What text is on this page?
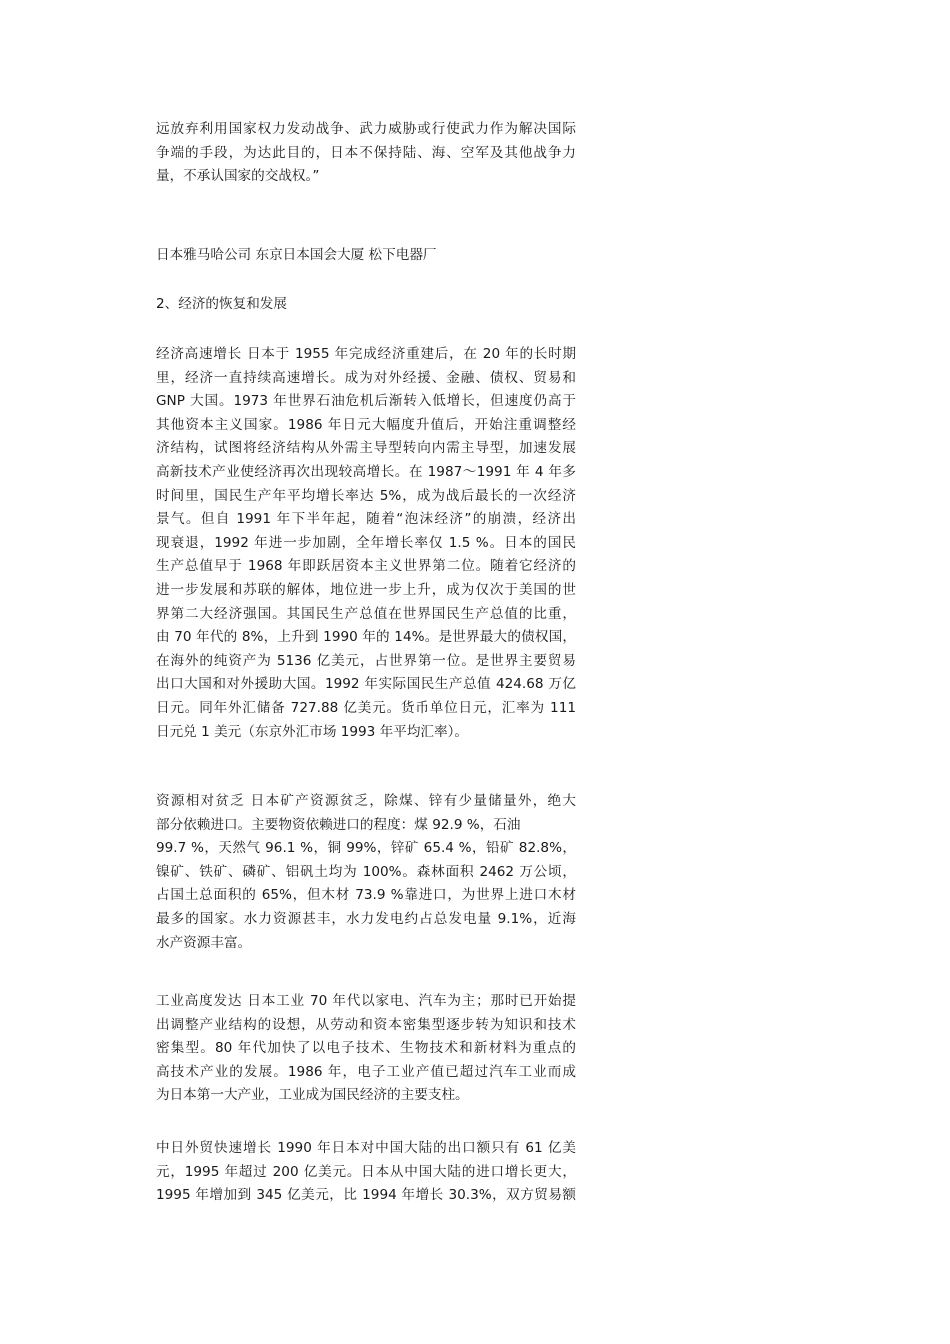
远放弃利用国家权力发动战争、武力威胁或行使武力作为解决国际
争端的手段，为达此目的，日本不保持陆、海、空军及其他战争力
量，不承认国家的交战权。”
日本雅马哈公司 东京日本国会大厦 松下电器厂
2、经济的恢复和发展
经济高速增长 日本于 1955 年完成经济重建后，在 20 年的长时期
里，经济一直持续高速增长。成为对外经援、金融、债权、贸易和
GNP 大国。1973 年世界石油危机后渐转入低增长，但速度仍高于
其他资本主义国家。1986 年日元大幅度升值后，开始注重调整经
济结构，试图将经济结构从外需主导型转向内需主导型，加速发展
高新技术产业使经济再次出现较高增长。在 1987～1991 年 4 年多
时间里，国民生产年平均增长率达 5%，成为战后最长的一次经济
景气。但自 1991 年下半年起，随着“泡沫经济”的崩溃，经济出
现衰退，1992 年进一步加剧，全年增长率仅 1.5 %。日本的国民
生产总值早于 1968 年即跃居资本主义世界第二位。随着它经济的
进一步发展和苏联的解体，地位进一步上升，成为仅次于美国的世
界第二大经济强国。其国民生产总值在世界国民生产总值的比重，
由 70 年代的 8%，上升到 1990 年的 14%。是世界最大的债权国，
在海外的纯资产为 5136 亿美元，占世界第一位。是世界主要贸易
出口大国和对外援助大国。1992 年实际国民生产总值 424.68 万亿
日元。同年外汇储备 727.88 亿美元。货币单位日元，汇率为 111
日元兑 1 美元（东京外汇市场 1993 年平均汇率）。
资源相对贫乏 日本矿产资源贫乏，除煤、锌有少量储量外，绝大
部分依赖进口。主要物资依赖进口的程度：煤 92.9 %，石油
99.7 %，天然气 96.1 %，铜 99%，锌矿 65.4 %，铅矿 82.8%，
镍矿、铁矿、磷矿、铝矾土均为 100%。森林面积 2462 万公顷，
占国土总面积的 65%，但木材 73.9 %靠进口，为世界上进口木材
最多的国家。水力资源甚丰，水力发电约占总发电量 9.1%，近海
水产资源丰富。
工业高度发达 日本工业 70 年代以家电、汽车为主；那时已开始提
出调整产业结构的设想，从劳动和资本密集型逐步转为知识和技术
密集型。80 年代加快了以电子技术、生物技术和新材料为重点的
高技术产业的发展。1986 年，电子工业产值已超过汽车工业而成
为日本第一大产业，工业成为国民经济的主要支柱。
中日外贸快速增长 1990 年日本对中国大陆的出口额只有 61 亿美
元，1995 年超过 200 亿美元。日本从中国大陆的进口增长更大，
1995 年增加到 345 亿美元，比 1994 年增长 30.3%，双方贸易额
